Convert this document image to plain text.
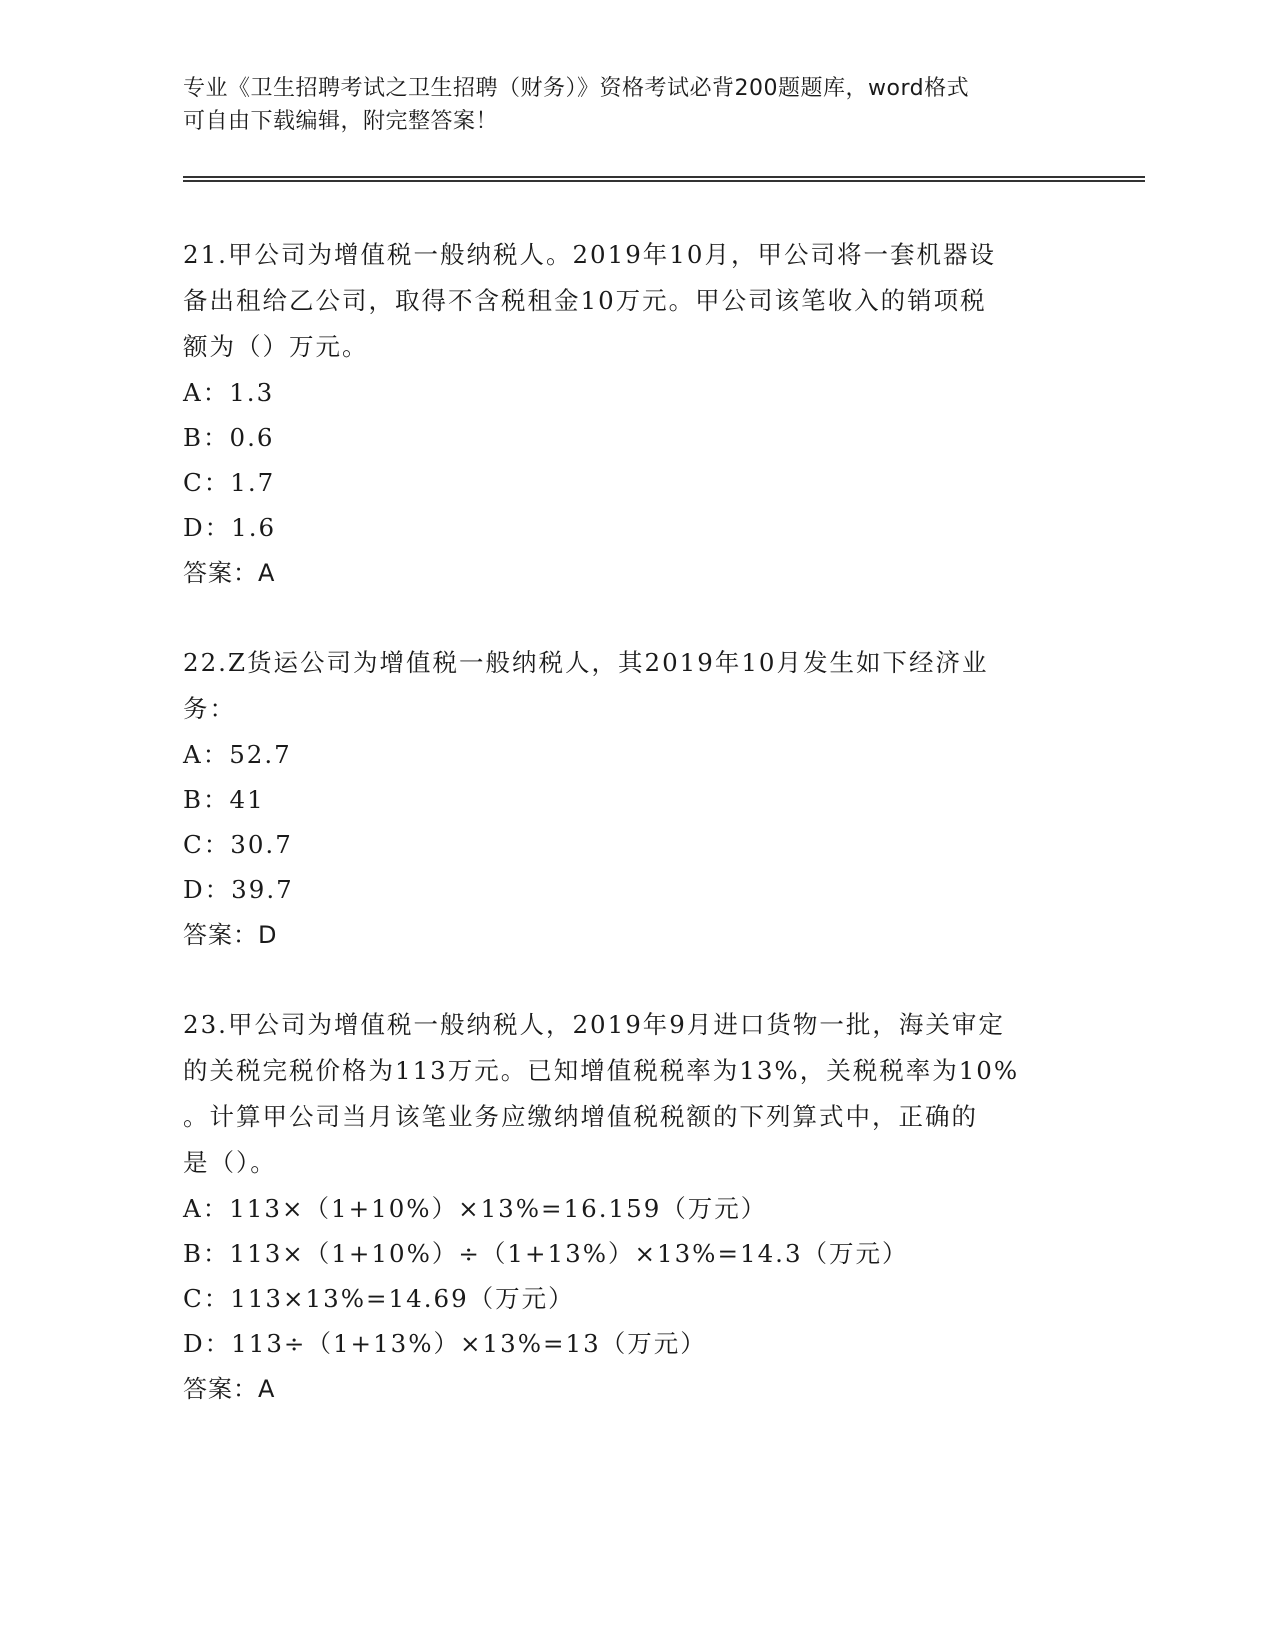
专业《卫生招聘考试之卫生招聘（财务）》资格考试必背200题题库，word格式
可自由下载编辑，附完整答案！

21.甲公司为增值税一般纳税人。2019年10月，甲公司将一套机器设

备出租给乙公司，取得不含税租金10万元。甲公司该笔收入的销项税

额为（）万元。

A：1.3

B：0.6

C：1.7

D：1.6

答案：A

22.Z货运公司为增值税一般纳税人，其2019年10月发生如下经济业

务：

A：52.7

B：41

C：30.7

D：39.7

答案：D

23.甲公司为增值税一般纳税人，2019年9月进口货物一批，海关审定

的关税完税价格为113万元。已知增值税税率为13%，关税税率为10%

。计算甲公司当月该笔业务应缴纳增值税税额的下列算式中，正确的

是（）。

A：113×（1+10%）×13%=16.159（万元）

B：113×（1+10%）÷（1+13%）×13%=14.3（万元）

C：113×13%=14.69（万元）

D：113÷（1+13%）×13%=13（万元）

答案：A
